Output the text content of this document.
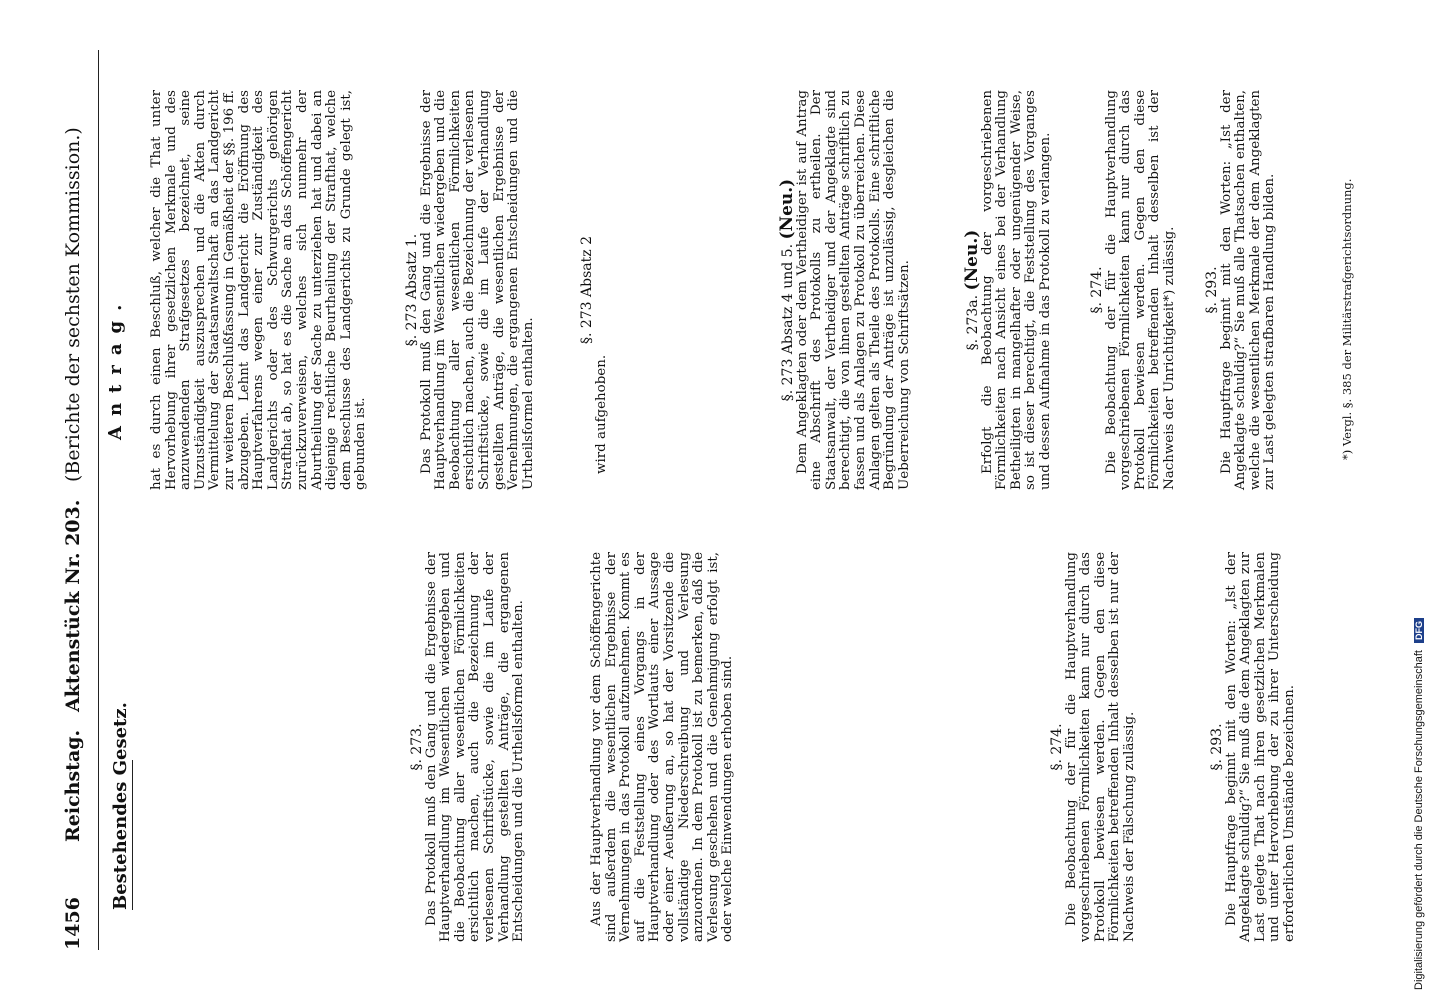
1456
Reichstag.
Aktenstück Nr. 203.
(Berichte der sechsten Kommission.)
Bestehendes Gesetz.	§. 273.

Das Protokoll muß den Gang und die Ergebnisse der Hauptverhandlung im Wesentlichen wiedergeben und die Beobachtung aller wesentlichen Förmlichkeiten ersichtlich machen, auch die Bezeichnung der verlesenen Schriftstücke, sowie die im Laufe der Verhandlung gestellten Anträge, die ergangenen Entscheidungen und die Urtheilsformel enthalten.	Aus der Hauptverhandlung vor dem Schöffengerichte sind außerdem die wesentlichen Ergebnisse der Vernehmungen in das Protokoll aufzunehmen. Kommt es auf die Feststellung eines Vorgangs in der Hauptverhandlung oder des Wortlauts einer Aussage oder einer Aeußerung an, so hat der Vorsitzende die vollständige Niederschreibung und Verlesung anzuordnen. In dem Protokoll ist zu bemerken, daß die Verlesung geschehen und die Genehmigung erfolgt ist, oder welche Einwendungen erhoben sind.	§. 274.

Die Beobachtung der für die Hauptverhandlung vorgeschriebenen Förmlichkeiten kann nur durch das Protokoll bewiesen werden. Gegen den diese Förmlichkeiten betreffenden Inhalt desselben ist nur der Nachweis der Fälschung zulässig.	§. 293.

Die Hauptfrage beginnt mit den Worten: „Ist der Angeklagte schuldig?“ Sie muß die dem Angeklagten zur Last gelegte That nach ihren gesetzlichen Merkmalen und unter Hervorhebung der zu ihrer Unterscheidung erforderlichen Umstände bezeichnen.

Antrag. hat es durch einen Beschluß, welcher die That unter Hervorhebung ihrer gesetzlichen Merkmale und des anzuwendenden Strafgesetzes bezeichnet, seine Unzuständigkeit auszusprechen und die Akten durch Vermittelung der Staatsanwaltschaft an das Landgericht zur weiteren Beschlußfassung in Gemäßheit der §§. 196 ff. abzugeben. Lehnt das Landgericht die Eröffnung des Hauptverfahrens wegen einer zur Zuständigkeit des Landgerichts oder des Schwurgerichts gehörigen Strafthat ab, so hat es die Sache an das Schöffengericht zurückzuverweisen, welches sich nunmehr der Aburtheilung der Sache zu unterziehen hat und dabei an diejenige rechtliche Beurtheilung der Strafthat, welche dem Beschlusse des Landgerichts zu Grunde gelegt ist, gebunden ist.
§. 273 Absatz 1.

Das Protokoll muß den Gang und die Ergebnisse der Hauptverhandlung im Wesentlichen wiedergeben und die Beobachtung aller wesentlichen Förmlichkeiten ersichtlich machen, auch die Bezeichnung der verlesenen Schriftstücke, sowie die im Laufe der Verhandlung gestellten Anträge, die wesentlichen Ergebnisse der Vernehmungen, die ergangenen Entscheidungen und die Urtheilsformel enthalten.

§. 273 Absatz 2

wird aufgehoben.

§. 273 Absatz 4 und 5. (Neu.)

Dem Angeklagten oder dem Vertheidiger ist auf Antrag eine Abschrift des Protokolls zu ertheilen. Der Staatsanwalt, der Vertheidiger und der Angeklagte sind berechtigt, die von ihnen gestellten Anträge schriftlich zu fassen und als Anlagen zu Protokoll zu überreichen. Diese Anlagen gelten als Theile des Protokolls. Eine schriftliche Begründung der Anträge ist unzulässig, desgleichen die Ueberreichung von Schriftsätzen.	§. 273a. (Neu.)

Erfolgt die Beobachtung der vorgeschriebenen Förmlichkeiten nach Ansicht eines bei der Verhandlung Betheiligten in mangelhafter oder ungenügender Weise, so ist dieser berechtigt, die Feststellung des Vorganges und dessen Aufnahme in das Protokoll zu verlangen.	§. 274.

Die Beobachtung der für die Hauptverhandlung vorgeschriebenen Förmlichkeiten kann nur durch das Protokoll bewiesen werden. Gegen den diese Förmlichkeiten betreffenden Inhalt desselben ist der Nachweis der Unrichtigkeit*) zulässig. §. 293.

Die Hauptfrage beginnt mit den Worten: „Ist der Angeklagte schuldig?“ Sie muß alle Thatsachen enthalten, welche die wesentlichen Merkmale der dem Angeklagten zur Last gelegten strafbaren Handlung bilden.	*) Vergl. §. 385 der Militärstrafgerichtsordnung.
Digitalisierung gefördert durch die Deutsche Forschungsgemeinschaft DFG
